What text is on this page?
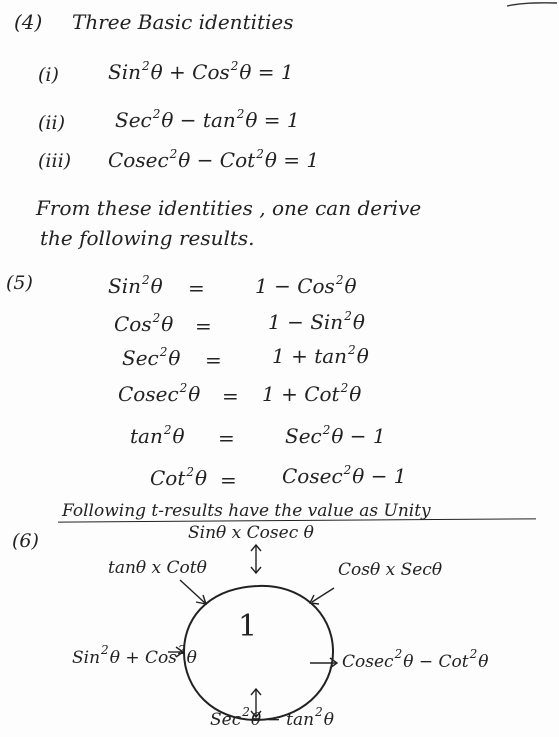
(4) Three Basic identities
(i) Sin$^2$θ + Cos$^2$θ = 1
(ii)	$Sec^2\theta - \tan^2\theta = 1$
(iii) Cosec$^2$θ − Cot$^2$θ = 1
From these identities , one can derive
the following results.
(5)	Sin$^2$θ =	1 − Cos$^2$θ
Cos$^2$θ =	1 − Sin$^2$θ
Sec$^2$θ =	$1 + \tan^2\theta$
Cosec$^2$θ = 1 + Cot$^2$θ
$\tan^2\theta$ =	Sec$^2$θ − 1
Cot$^2$θ = Cosec$^2$θ − 1
Following t-results have the value as Unity
(6)
1
Sinθ x Cosec θ
tanθ x Cotθ	Cosθ x Secθ
Sin$^2$θ + Cos$^2$θ	Cosec$^2$θ − Cot$^2$θ
$Sec^2\theta - \tan^2\theta$
